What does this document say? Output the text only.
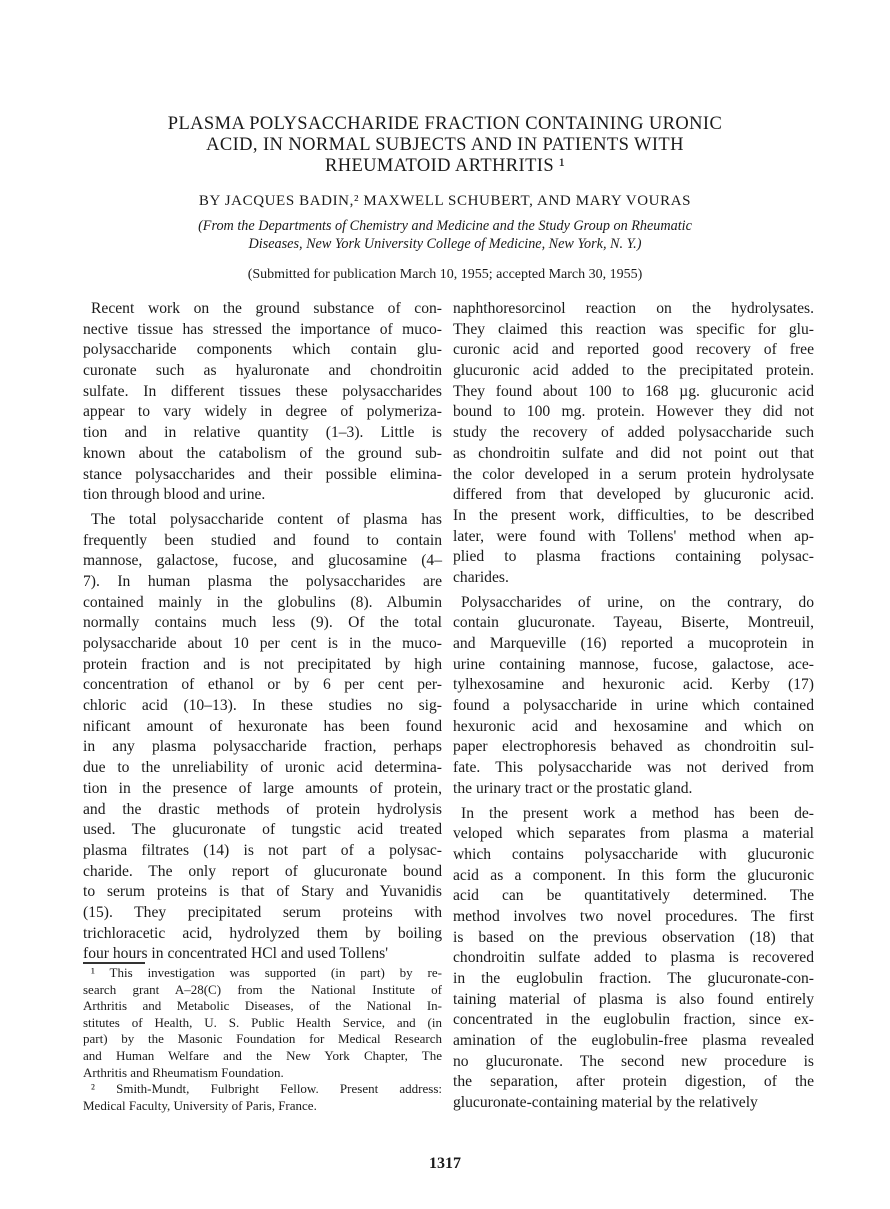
PLASMA POLYSACCHARIDE FRACTION CONTAINING URONIC
ACID, IN NORMAL SUBJECTS AND IN PATIENTS WITH
RHEUMATOID ARTHRITIS ¹
BY JACQUES BADIN,² MAXWELL SCHUBERT, AND MARY VOURAS
(From the Departments of Chemistry and Medicine and the Study Group on Rheumatic
Diseases, New York University College of Medicine, New York, N. Y.)
(Submitted for publication March 10, 1955; accepted March 30, 1955)
Recent work on the ground substance of con-
nective tissue has stressed the importance of muco-
polysaccharide components which contain glu-
curonate such as hyaluronate and chondroitin
sulfate. In different tissues these polysaccharides
appear to vary widely in degree of polymeriza-
tion and in relative quantity (1–3). Little is
known about the catabolism of the ground sub-
stance polysaccharides and their possible elimina-
tion through blood and urine.
The total polysaccharide content of plasma has
frequently been studied and found to contain
mannose, galactose, fucose, and glucosamine (4–
7). In human plasma the polysaccharides are
contained mainly in the globulins (8). Albumin
normally contains much less (9). Of the total
polysaccharide about 10 per cent is in the muco-
protein fraction and is not precipitated by high
concentration of ethanol or by 6 per cent per-
chloric acid (10–13). In these studies no sig-
nificant amount of hexuronate has been found
in any plasma polysaccharide fraction, perhaps
due to the unreliability of uronic acid determina-
tion in the presence of large amounts of protein,
and the drastic methods of protein hydrolysis
used. The glucuronate of tungstic acid treated
plasma filtrates (14) is not part of a polysac-
charide. The only report of glucuronate bound
to serum proteins is that of Stary and Yuvanidis
(15). They precipitated serum proteins with
trichloracetic acid, hydrolyzed them by boiling
four hours in concentrated HCl and used Tollens'
naphthoresorcinol reaction on the hydrolysates.
They claimed this reaction was specific for glu-
curonic acid and reported good recovery of free
glucuronic acid added to the precipitated protein.
They found about 100 to 168 µg. glucuronic acid
bound to 100 mg. protein. However they did not
study the recovery of added polysaccharide such
as chondroitin sulfate and did not point out that
the color developed in a serum protein hydrolysate
differed from that developed by glucuronic acid.
In the present work, difficulties, to be described
later, were found with Tollens' method when ap-
plied to plasma fractions containing polysac-
charides.
Polysaccharides of urine, on the contrary, do
contain glucuronate. Tayeau, Biserte, Montreuil,
and Marqueville (16) reported a mucoprotein in
urine containing mannose, fucose, galactose, ace-
tylhexosamine and hexuronic acid. Kerby (17)
found a polysaccharide in urine which contained
hexuronic acid and hexosamine and which on
paper electrophoresis behaved as chondroitin sul-
fate. This polysaccharide was not derived from
the urinary tract or the prostatic gland.
In the present work a method has been de-
veloped which separates from plasma a material
which contains polysaccharide with glucuronic
acid as a component. In this form the glucuronic
acid can be quantitatively determined. The
method involves two novel procedures. The first
is based on the previous observation (18) that
chondroitin sulfate added to plasma is recovered
in the euglobulin fraction. The glucuronate-con-
taining material of plasma is also found entirely
concentrated in the euglobulin fraction, since ex-
amination of the euglobulin-free plasma revealed
no glucuronate. The second new procedure is
the separation, after protein digestion, of the
glucuronate-containing material by the relatively
¹ This investigation was supported (in part) by re-
search grant A–28(C) from the National Institute of
Arthritis and Metabolic Diseases, of the National In-
stitutes of Health, U. S. Public Health Service, and (in
part) by the Masonic Foundation for Medical Research
and Human Welfare and the New York Chapter, The
Arthritis and Rheumatism Foundation.
² Smith-Mundt, Fulbright Fellow. Present address:
Medical Faculty, University of Paris, France.
1317
